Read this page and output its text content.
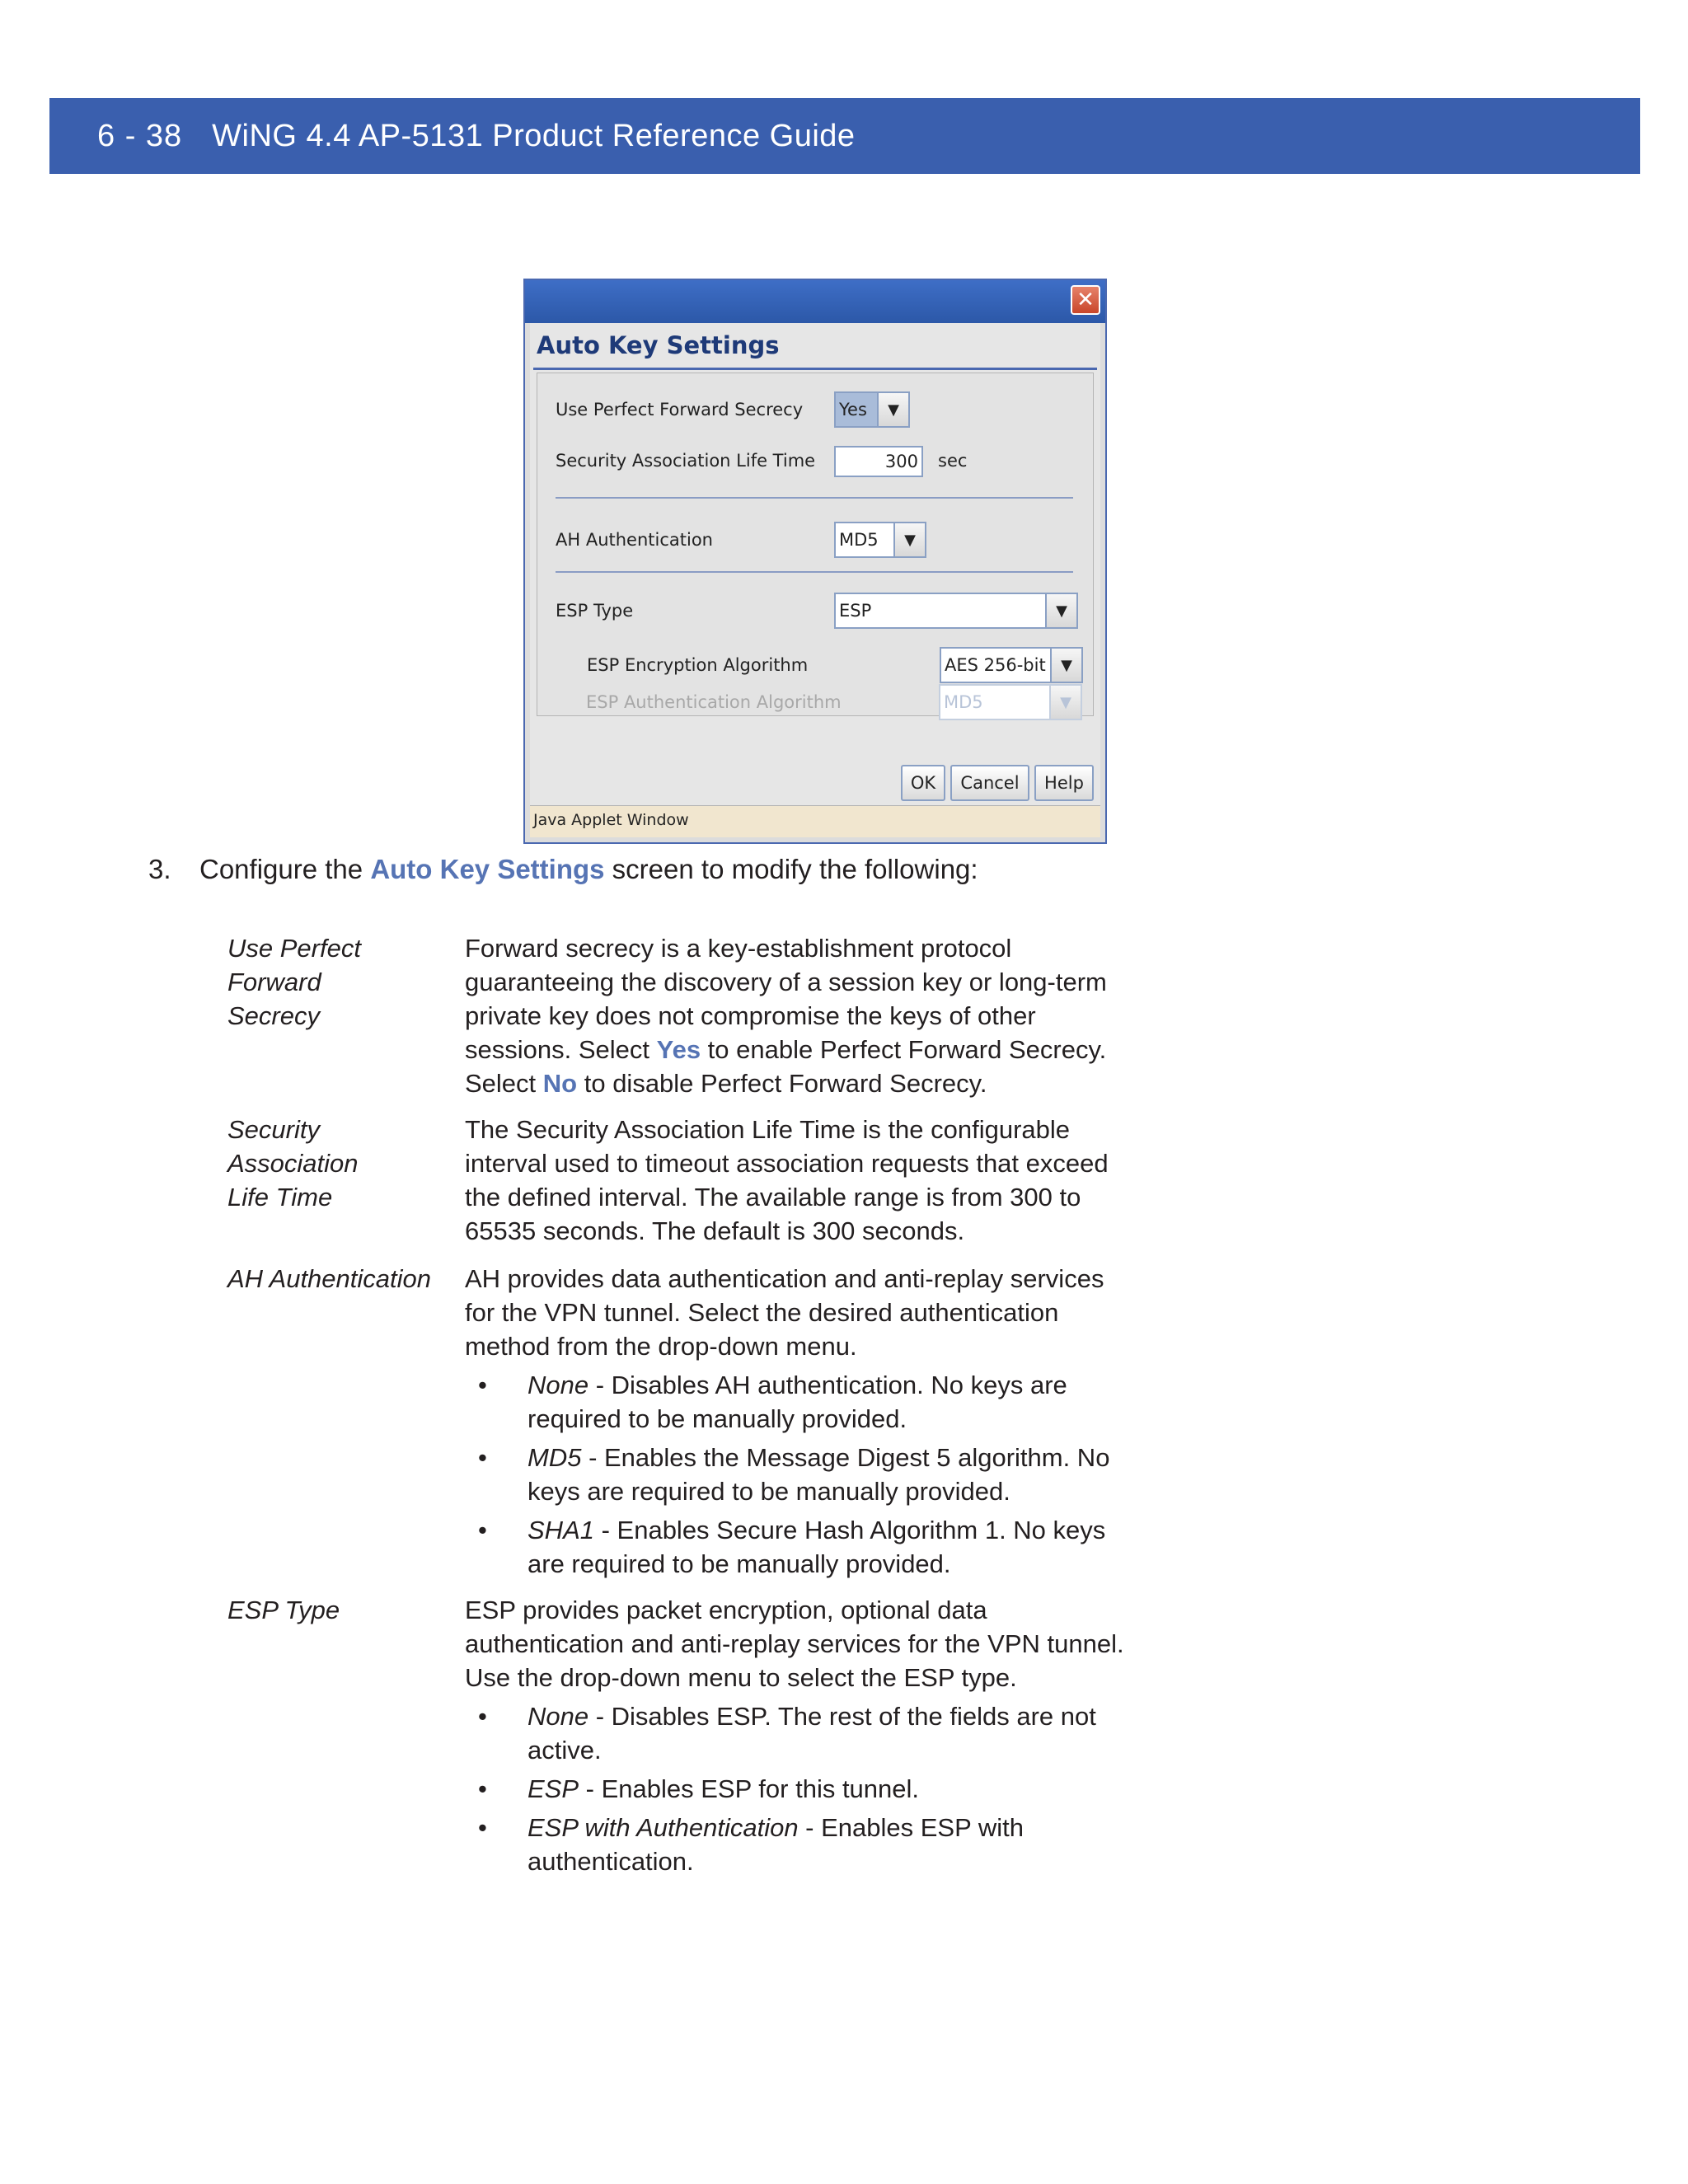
6 - 38 WiNG 4.4 AP-5131 Product Reference Guide
✕
Auto Key Settings
Use Perfect Forward Secrecy Yes	▼
Security Association Life Time	300 sec
AH Authentication	MD5	▼
ESP Type	ESP	▼
ESP Encryption Algorithm	AES 256-bit	▼
ESP Authentication Algorithm	MD5	▼
OK	Cancel	Help
Java Applet Window
3. Configure the Auto Key Settings screen to modify the following:
Use Perfect Forward
Secrecy

Forward secrecy is a key-establishment protocol guaranteeing the discovery of a session key or long-term private key does not compromise the keys of other sessions. Select Yes to enable Perfect Forward Secrecy. Select No to disable Perfect Forward Secrecy.

Security Association
Life Time

The Security Association Life Time is the configurable interval used to timeout association requests that exceed the defined interval. The available range is from 300 to 65535 seconds. The default is 300 seconds.

AH Authentication	AH provides data authentication and anti-replay services for the VPN tunnel. Select the desired authentication method from the drop-down menu.

• None - Disables AH authentication. No keys are required to be manually provided.
• MD5 - Enables the Message Digest 5 algorithm. No keys are required to be manually provided.
• SHA1 - Enables Secure Hash Algorithm 1. No keys are required to be manually provided.
ESP Type	ESP provides packet encryption, optional data authentication and anti-replay services for the VPN tunnel. Use the drop-down menu to select the ESP type.

• None - Disables ESP. The rest of the fields are not active.
• ESP - Enables ESP for this tunnel.
• ESP with Authentication - Enables ESP with authentication.
